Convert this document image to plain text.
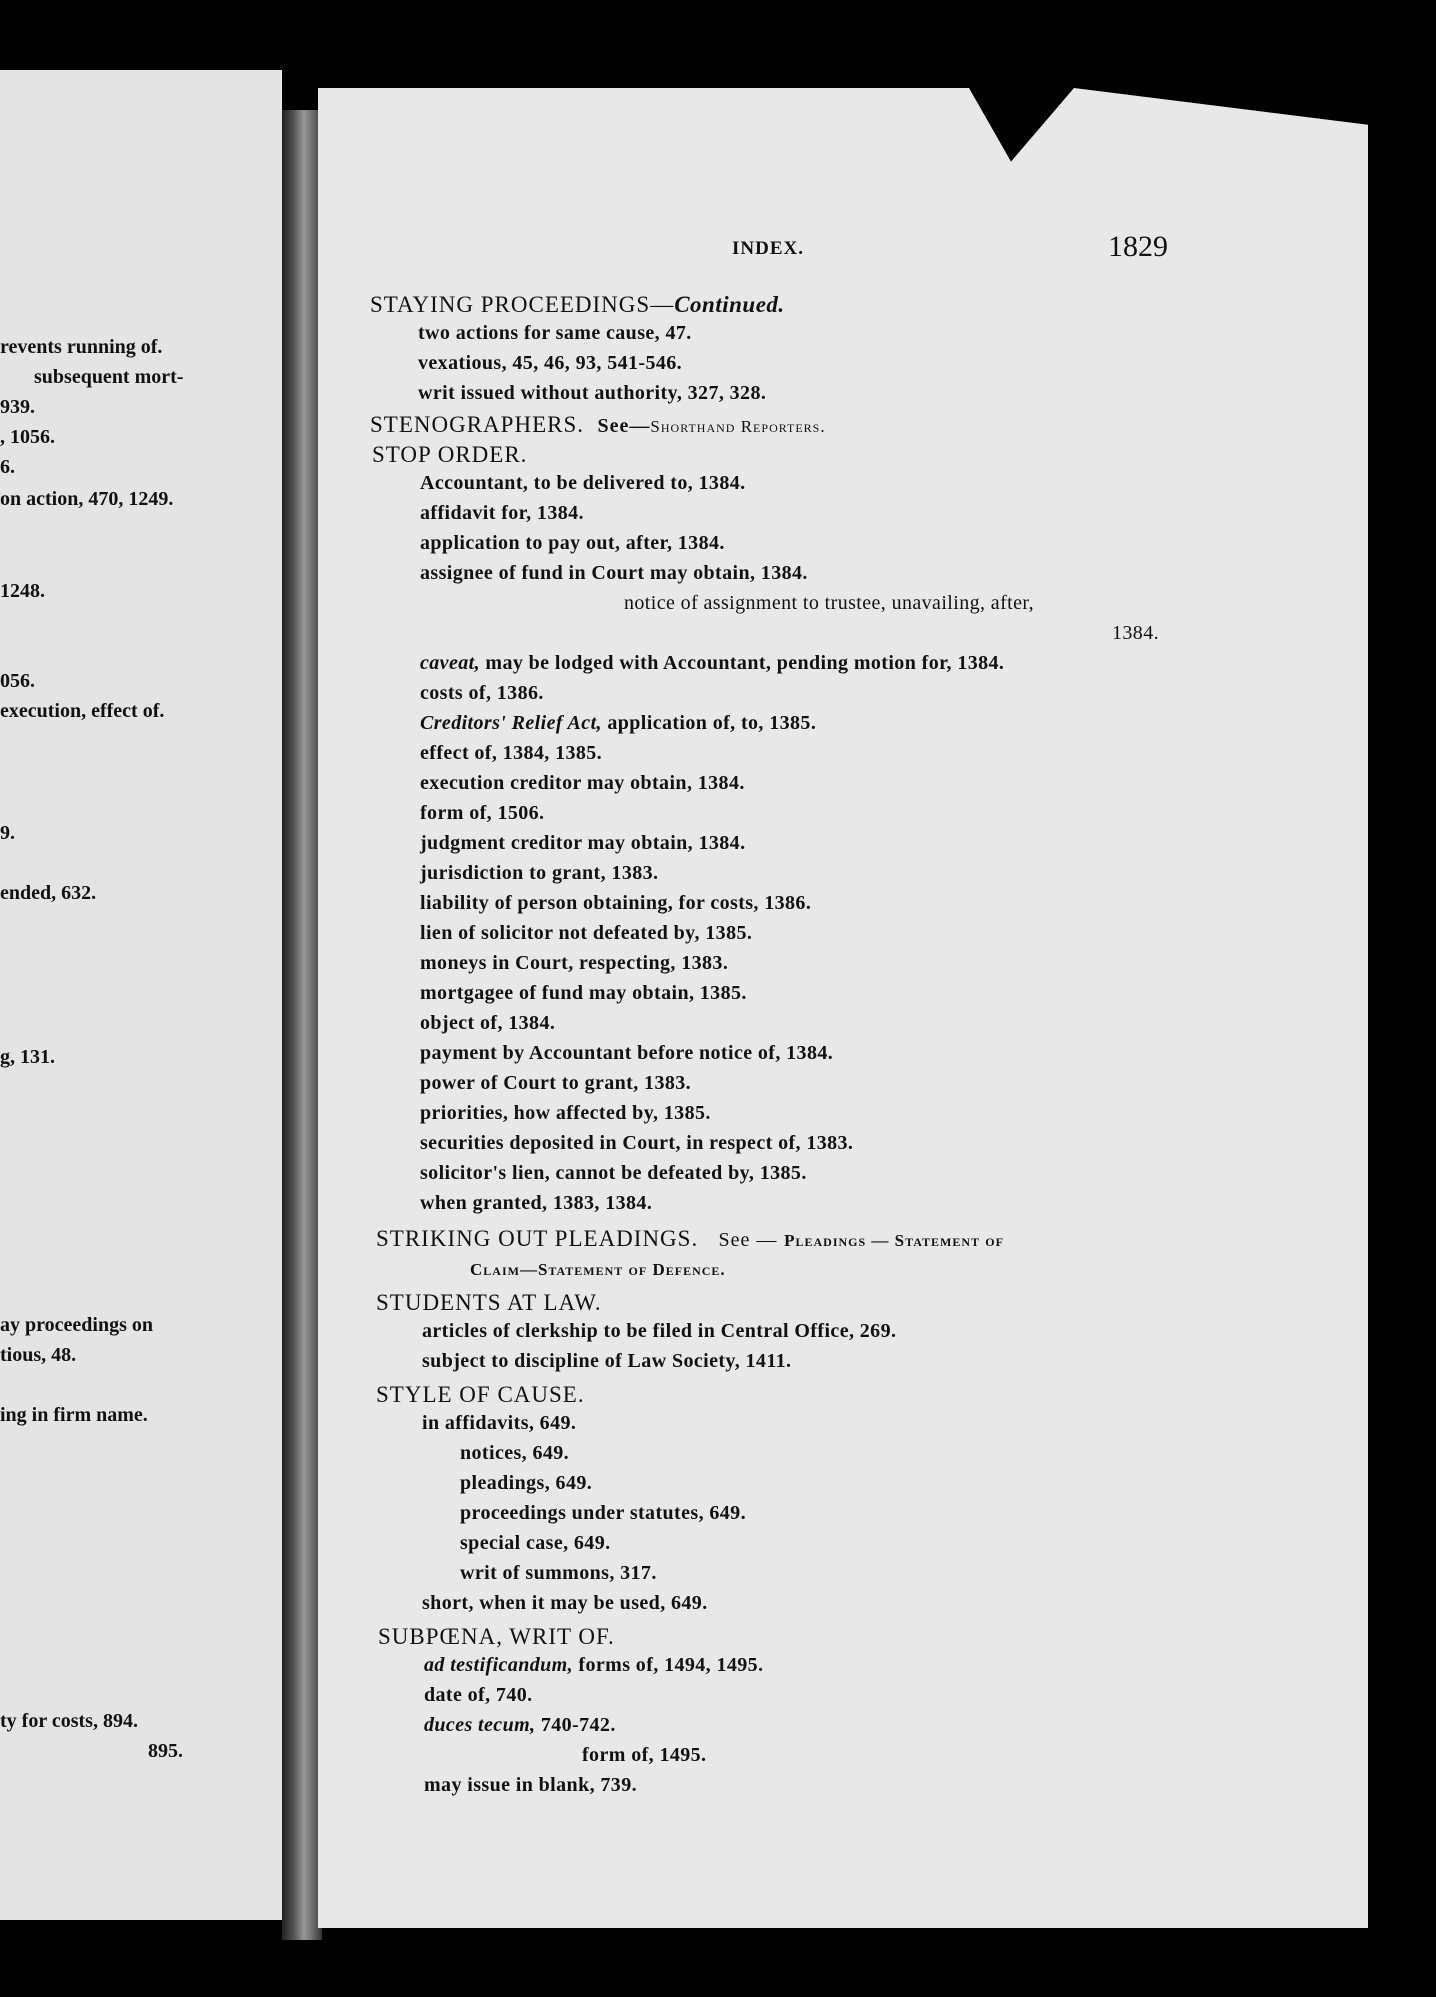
revents running of.
subsequent mort-
939.
, 1056.
6.
on action, 470, 1249.
1248.
056.
execution, effect of.
9.
ended, 632.
g, 131.
ay proceedings on
tious, 48.
ing in firm name.
ty for costs, 894.
895.
INDEX.	1829
STAYING PROCEEDINGS—Continued.
two actions for same cause, 47.
vexatious, 45, 46, 93, 541-546.
writ issued without authority, 327, 328.
STENOGRAPHERS. See—Shorthand Reporters.
STOP ORDER.
Accountant, to be delivered to, 1384.
affidavit for, 1384.
application to pay out, after, 1384.
assignee of fund in Court may obtain, 1384.
notice of assignment to trustee, unavailing, after,
1384.
caveat, may be lodged with Accountant, pending motion for, 1384.
costs of, 1386.
Creditors' Relief Act, application of, to, 1385.
effect of, 1384, 1385.
execution creditor may obtain, 1384.
form of, 1506.
judgment creditor may obtain, 1384.
jurisdiction to grant, 1383.
liability of person obtaining, for costs, 1386.
lien of solicitor not defeated by, 1385.
moneys in Court, respecting, 1383.
mortgagee of fund may obtain, 1385.
object of, 1384.
payment by Accountant before notice of, 1384.
power of Court to grant, 1383.
priorities, how affected by, 1385.
securities deposited in Court, in respect of, 1383.
solicitor's lien, cannot be defeated by, 1385.
when granted, 1383, 1384.
STRIKING OUT PLEADINGS. See — Pleadings — Statement of
Claim—Statement of Defence.
STUDENTS AT LAW.
articles of clerkship to be filed in Central Office, 269.
subject to discipline of Law Society, 1411.
STYLE OF CAUSE.
in affidavits, 649.
notices, 649.
pleadings, 649.
proceedings under statutes, 649.
special case, 649.
writ of summons, 317.
short, when it may be used, 649.
SUBPŒNA, WRIT OF.
ad testificandum, forms of, 1494, 1495.
date of, 740.
duces tecum, 740-742.
form of, 1495.
may issue in blank, 739.
